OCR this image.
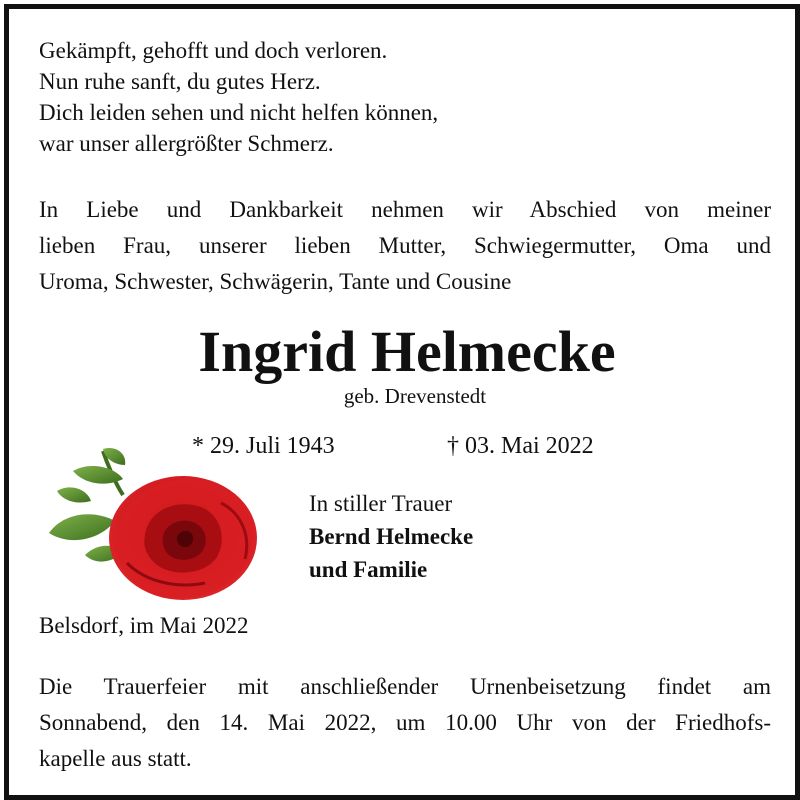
Gekämpft, gehofft und doch verloren.
Nun ruhe sanft, du gutes Herz.
Dich leiden sehen und nicht helfen können,
war unser allergrößter Schmerz.
In Liebe und Dankbarkeit nehmen wir Abschied von meiner
lieben Frau, unserer lieben Mutter, Schwiegermutter, Oma und
Uroma, Schwester, Schwägerin, Tante und Cousine
Ingrid Helmecke
geb. Drevenstedt
* 29. Juli 1943	† 03. Mai 2022
In stiller Trauer
Bernd Helmecke
und Familie
Belsdorf, im Mai 2022
Die Trauerfeier mit anschließender Urnenbeisetzung findet am
Sonnabend, den 14. Mai 2022, um 10.00 Uhr von der Friedhofs-
kapelle aus statt.
